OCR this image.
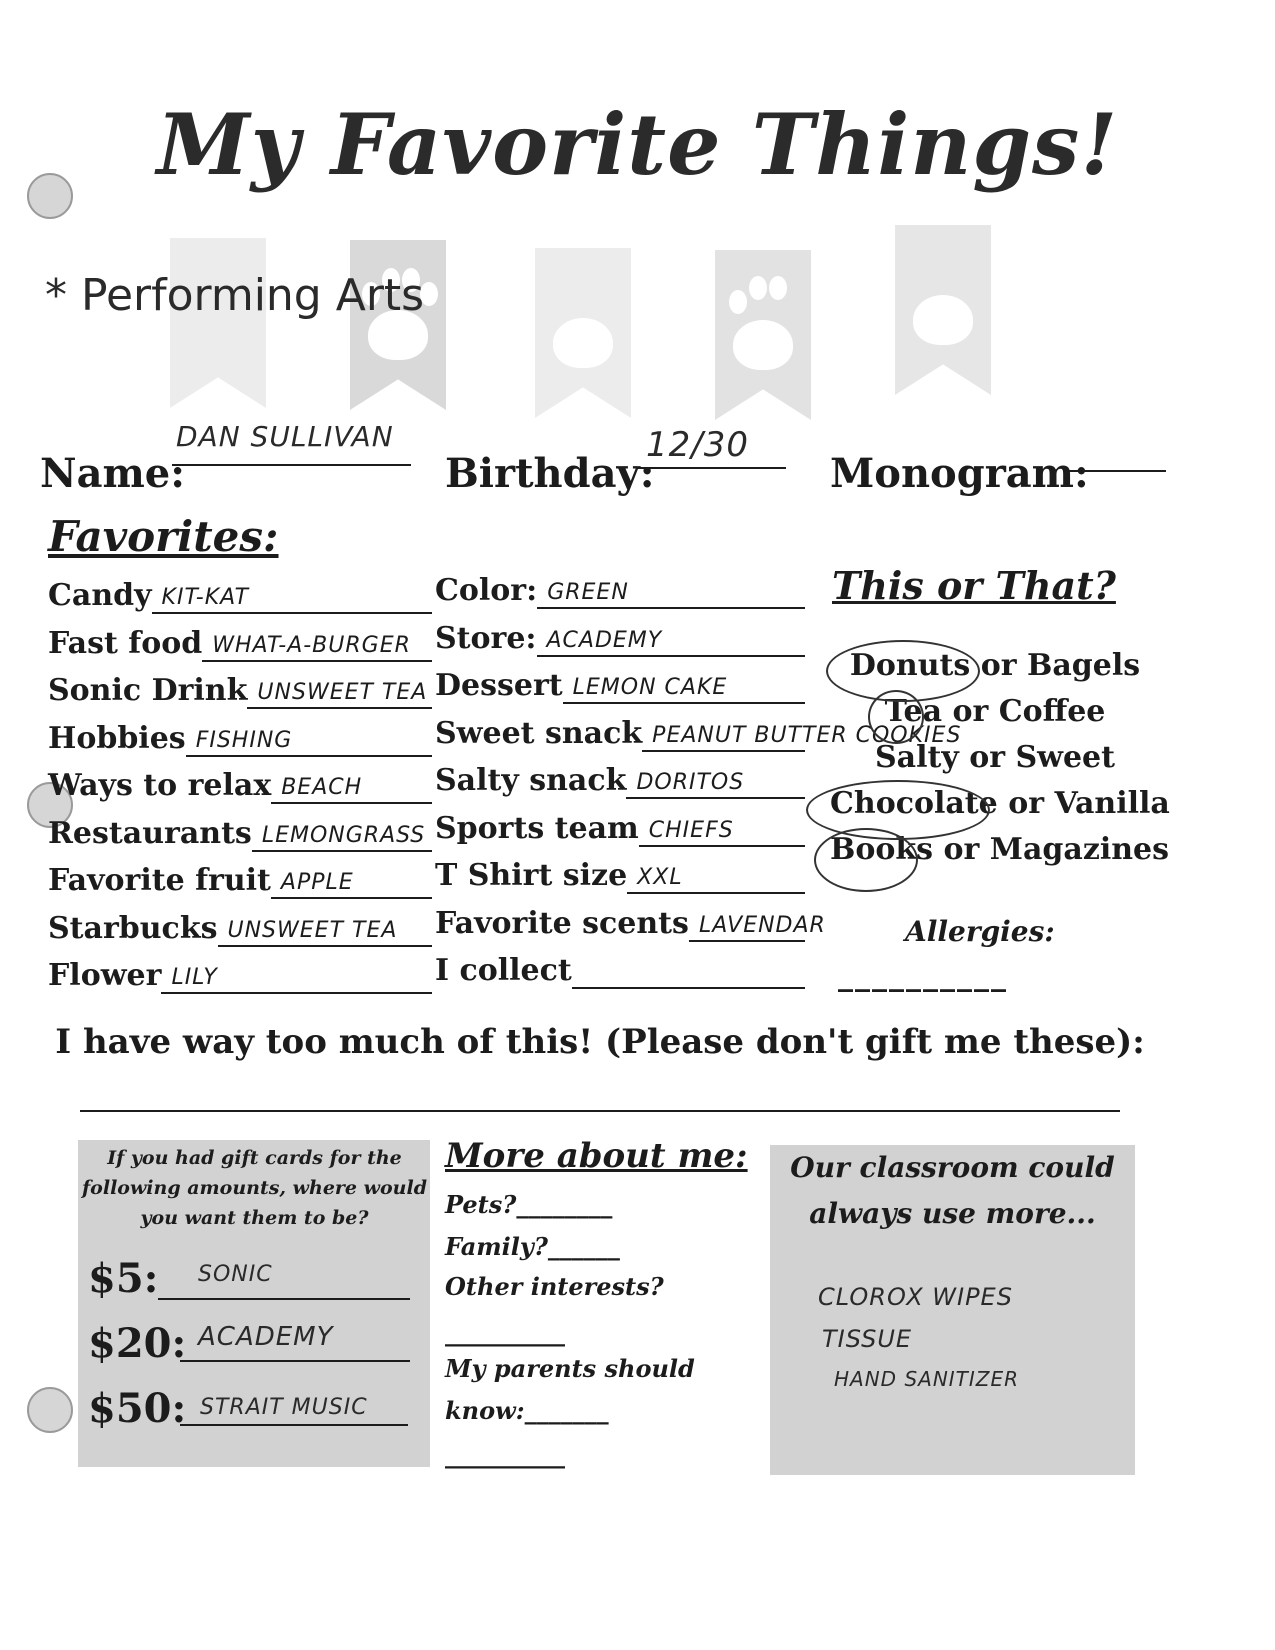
My Favorite Things!
* Performing Arts
Name:
DAN SULLIVAN
Birthday:
12/30
Monogram:
Favorites:
Candy KIT-KAT
Fast food WHAT-A-BURGER
Sonic Drink UNSWEET TEA
Hobbies FISHING
Ways to relax BEACH
Restaurants LEMONGRASS
Favorite fruit APPLE
Starbucks UNSWEET TEA
Flower LILY
Color: GREEN
Store: ACADEMY
Dessert LEMON CAKE
Sweet snack PEANUT BUTTER COOKIES
Salty snack DORITOS
Sports team CHIEFS
T Shirt size XXL
Favorite scents LAVENDAR
I collect
This or That?
Donuts or Bagels
Tea or Coffee
Salty or Sweet
Chocolate or Vanilla
Books or Magazines
Allergies:
__________
I have way too much of this! (Please don't gift me these):
If you had gift cards for the following amounts, where would you want them to be?
$5:	SONIC
$20: ACADEMY
$50: STRAIT MUSIC
More about me:
Pets?________
Family?______
Other interests?
__________
My parents should
know:_______
__________
Our classroom could always use more...
CLOROX WIPES
TISSUE
HAND SANITIZER
